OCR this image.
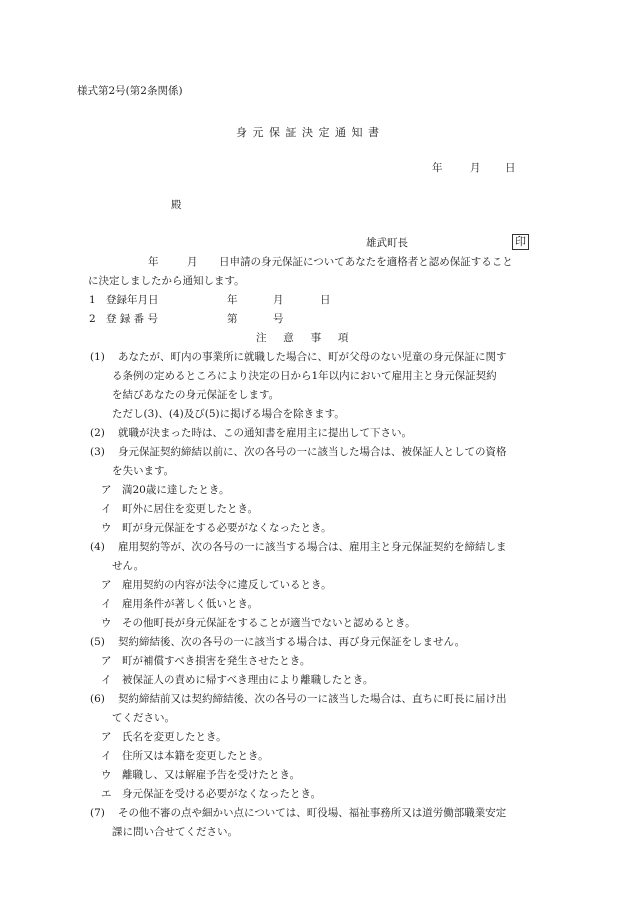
様式第2号(第2条関係)
身元保証決定通知書
年	月 日
殿
雄武町長	印
年	月 日申請の身元保証についてあなたを適格者と認め保証すること
に決定しましたから通知します。
1 登録年月日	年	月	日
2 登 録 番 号	第	号
注意事項
(1) あなたが、町内の事業所に就職した場合に、町が父母のない児童の身元保証に関す
る条例の定めるところにより決定の日から1年以内において雇用主と身元保証契約
を結びあなたの身元保証をします。
ただし(3)、(4)及び(5)に掲げる場合を除きます。
(2) 就職が決まった時は、この通知書を雇用主に提出して下さい。
(3) 身元保証契約締結以前に、次の各号の一に該当した場合は、被保証人としての資格
を失います。
ア 満20歳に達したとき。
イ 町外に居住を変更したとき。
ウ 町が身元保証をする必要がなくなったとき。
(4) 雇用契約等が、次の各号の一に該当する場合は、雇用主と身元保証契約を締結しま
せん。
ア 雇用契約の内容が法令に違反しているとき。
イ 雇用条件が著しく低いとき。
ウ その他町長が身元保証をすることが適当でないと認めるとき。
(5) 契約締結後、次の各号の一に該当する場合は、再び身元保証をしません。
ア 町が補償すべき損害を発生させたとき。
イ 被保証人の責めに帰すべき理由により離職したとき。
(6) 契約締結前又は契約締結後、次の各号の一に該当した場合は、直ちに町長に届け出
てください。
ア 氏名を変更したとき。
イ 住所又は本籍を変更したとき。
ウ 離職し、又は解雇予告を受けたとき。
エ 身元保証を受ける必要がなくなったとき。
(7) その他不審の点や細かい点については、町役場、福祉事務所又は道労働部職業安定
課に問い合せてください。
